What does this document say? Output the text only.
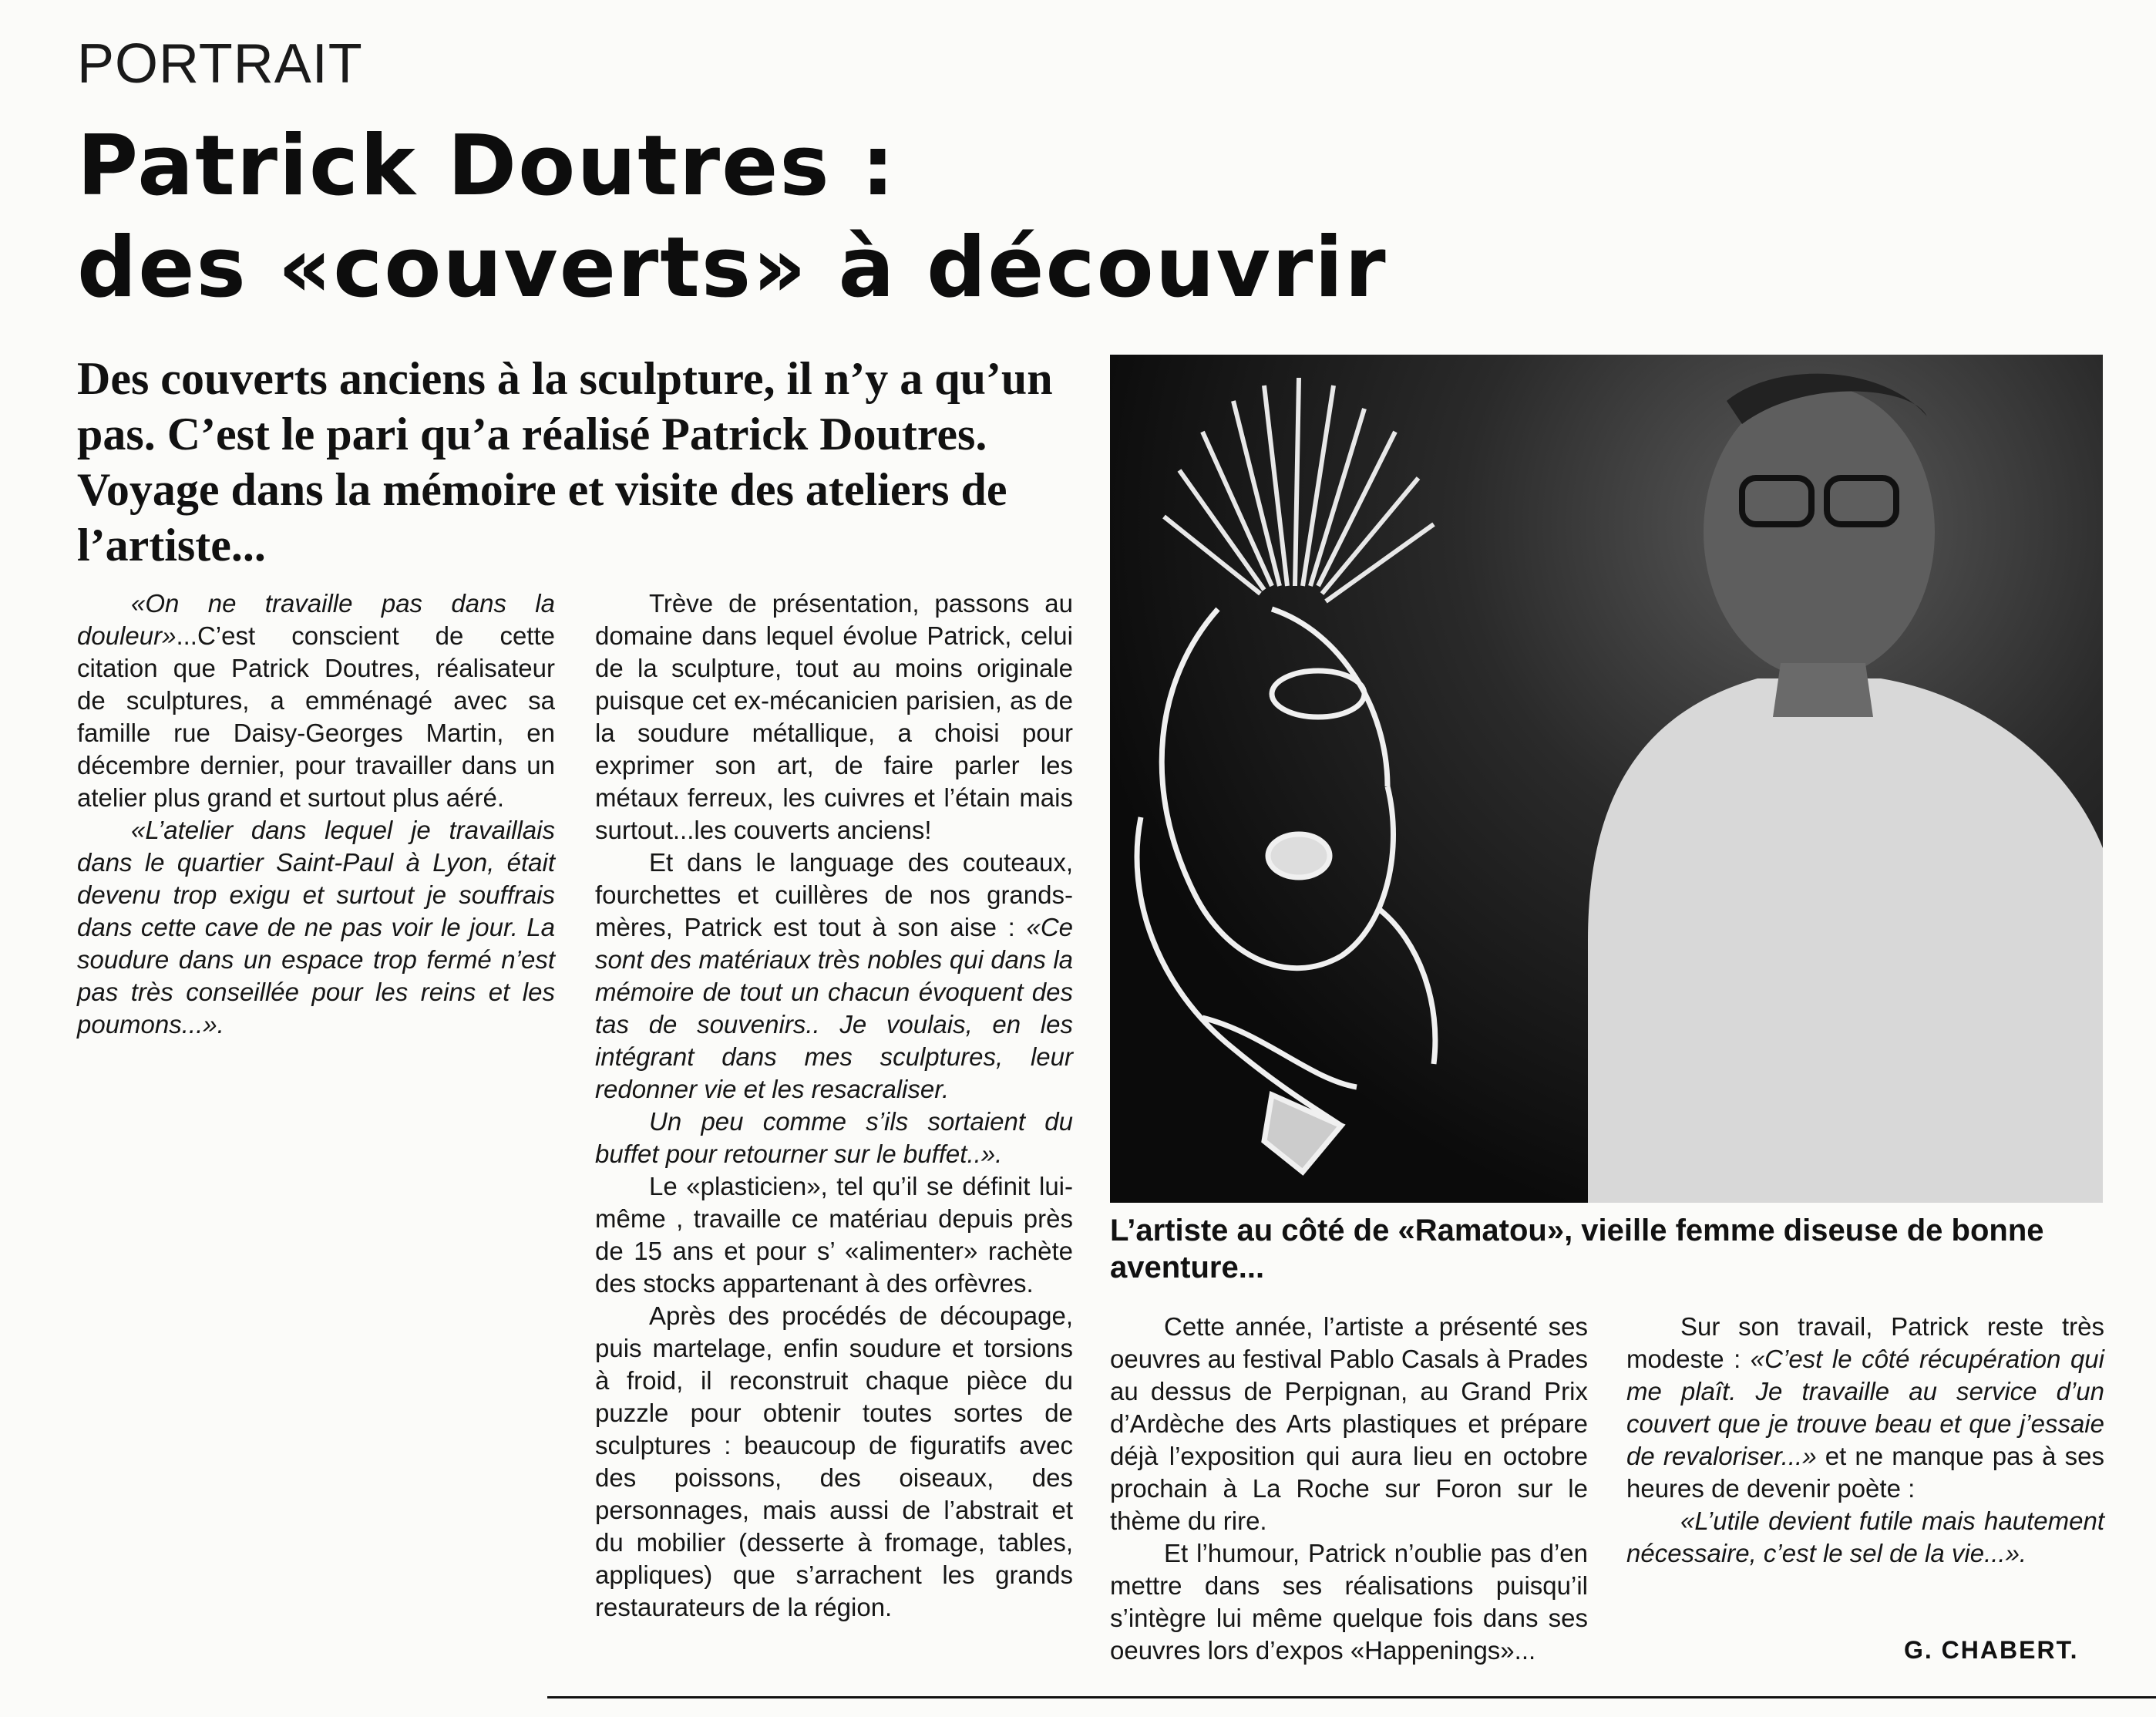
PORTRAIT
Patrick Doutres :
des «couverts» à découvrir
Des couverts anciens à la sculpture, il n’y a qu’un pas. C’est le pari qu’a réalisé Patrick Doutres. Voyage dans la mémoire et visite des ateliers de l’artiste...

«On ne travaille pas dans la douleur»...C’est conscient de cette citation que Patrick Doutres, réalisateur de sculptures, a emménagé avec sa famille rue Daisy-Georges Martin, en décembre dernier, pour travailler dans un atelier plus grand et surtout plus aéré.

«L’atelier dans lequel je travaillais dans le quartier Saint-Paul à Lyon, était devenu trop exigu et surtout je souffrais dans cette cave de ne pas voir le jour. La soudure dans un espace trop fermé n’est pas très conseillée pour les reins et les poumons...».

Trève de présentation, passons au domaine dans lequel évolue Patrick, celui de la sculpture, tout au moins originale puisque cet ex-mécanicien parisien, as de la soudure métallique, a choisi pour exprimer son art, de faire parler les métaux ferreux, les cuivres et l’étain mais surtout...les couverts anciens!

Et dans le language des couteaux, fourchettes et cuillères de nos grands-mères, Patrick est tout à son aise : «Ce sont des matériaux très nobles qui dans la mémoire de tout un chacun évoquent des tas de souvenirs.. Je voulais, en les intégrant dans mes sculptures, leur redonner vie et les resacraliser.

Un peu comme s’ils sortaient du buffet pour retourner sur le buffet..».

Le «plasticien», tel qu’il se définit lui-même , travaille ce matériau depuis près de 15 ans et pour s’ «alimenter» rachète des stocks appartenant à des orfèvres.

Après des procédés de découpage, puis martelage, enfin soudure et torsions à froid, il reconstruit chaque pièce du puzzle pour obtenir toutes sortes de sculptures : beaucoup de figuratifs avec des poissons, des oiseaux, des personnages, mais aussi de l’abstrait et du mobilier (desserte à fromage, tables, appliques) que s’arrachent les grands restaurateurs de la région.

L’artiste au côté de «Ramatou», vieille femme diseuse de bonne aventure...

Cette année, l’artiste a présenté ses oeuvres au festival Pablo Casals à Prades au dessus de Perpignan, au Grand Prix d’Ardèche des Arts plastiques et prépare déjà l’exposition qui aura lieu en octobre prochain à La Roche sur Foron sur le thème du rire.

Et l’humour, Patrick n’oublie pas d’en mettre dans ses réalisations puisqu’il s’intègre lui même quelque fois dans ses oeuvres lors d’expos «Happenings»...

Sur son travail, Patrick reste très modeste : «C’est le côté récupération qui me plaît. Je travaille au service d’un couvert que je trouve beau et que j’essaie de revaloriser...» et ne manque pas à ses heures de devenir poète :

«L’utile devient futile mais hautement nécessaire, c’est le sel de la vie...».

G. CHABERT.
